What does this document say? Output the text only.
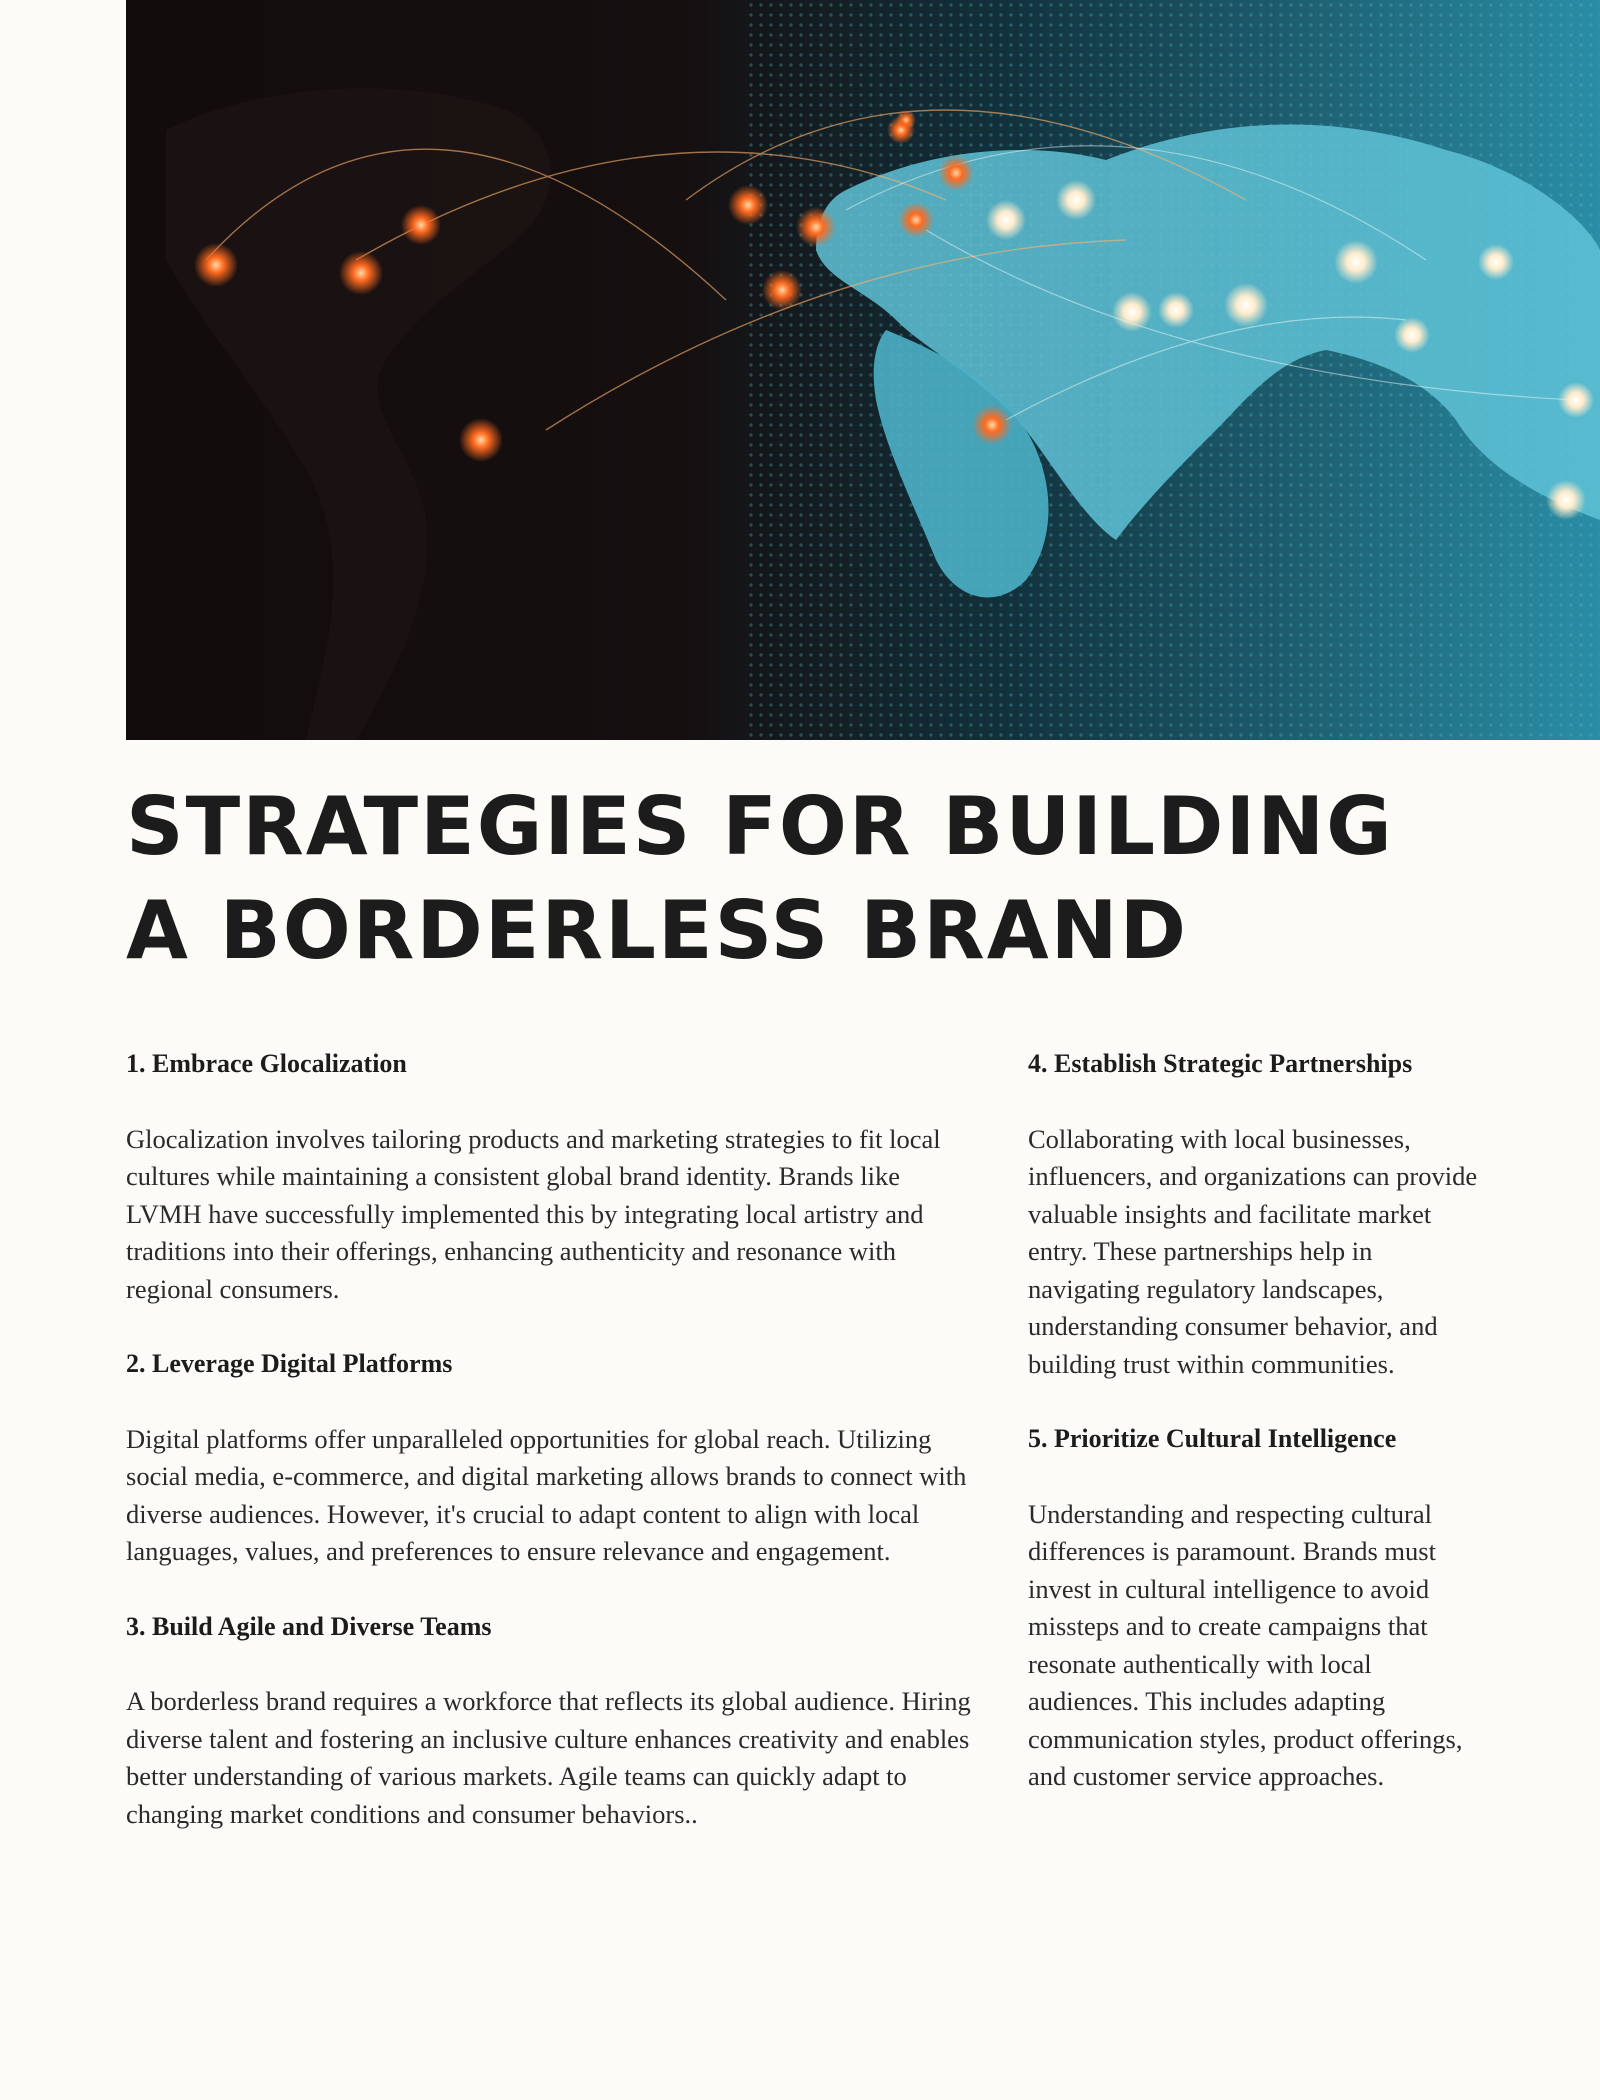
STRATEGIES FOR BUILDING
A BORDERLESS BRAND
1. Embrace Glocalization

Glocalization involves tailoring products and marketing strategies to fit local cultures while maintaining a consistent global brand identity. Brands like LVMH have successfully implemented this by integrating local artistry and traditions into their offerings, enhancing authenticity and resonance with regional consumers.

2. Leverage Digital Platforms

Digital platforms offer unparalleled opportunities for global reach. Utilizing social media, e-commerce, and digital marketing allows brands to connect with diverse audiences. However, it's crucial to adapt content to align with local languages, values, and preferences to ensure relevance and engagement.

3. Build Agile and Diverse Teams

A borderless brand requires a workforce that reflects its global audience. Hiring diverse talent and fostering an inclusive culture enhances creativity and enables better understanding of various markets. Agile teams can quickly adapt to changing market conditions and consumer behaviors..

4. Establish Strategic Partnerships

Collaborating with local businesses, influencers, and organizations can provide valuable insights and facilitate market entry. These partnerships help in navigating regulatory landscapes, understanding consumer behavior, and building trust within communities.

5. Prioritize Cultural Intelligence

Understanding and respecting cultural differences is paramount. Brands must invest in cultural intelligence to avoid missteps and to create campaigns that resonate authentically with local audiences. This includes adapting communication styles, product offerings, and customer service approaches.
